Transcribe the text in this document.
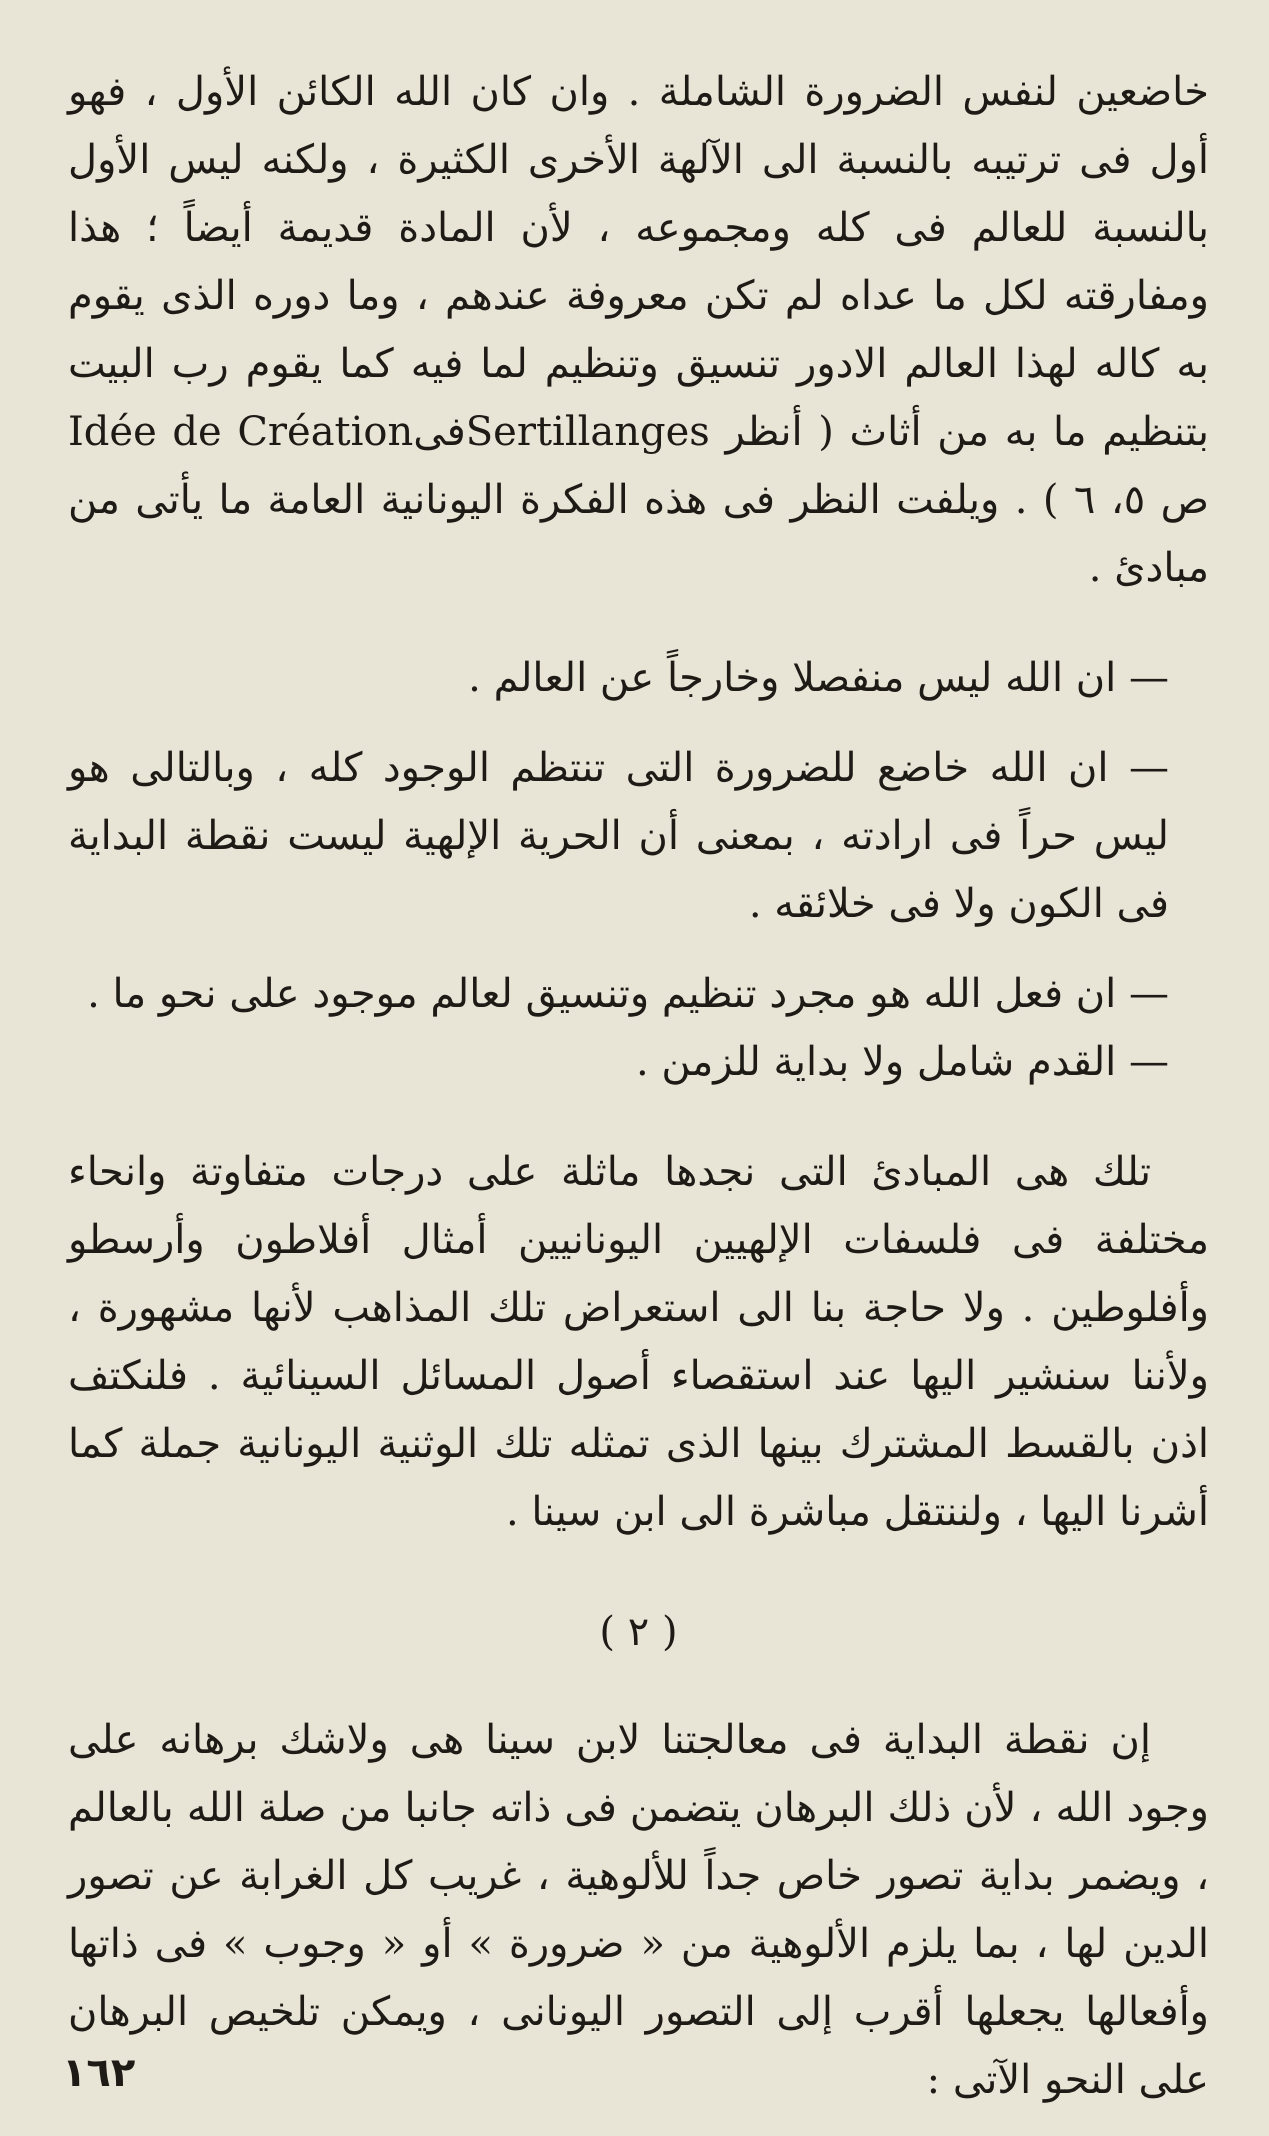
خاضعين لنفس الضرورة الشاملة . وان كان الله الكائن الأول ، فهو أول فى ترتيبه بالنسبة الى الآلهة الأخرى الكثيرة ، ولكنه ليس الأول بالنسبة للعالم فى كله ومجموعه ، لأن المادة قديمة أيضاً ؛ هذا ومفارقته لكل ما عداه لم تكن معروفة عندهم ، وما دوره الذى يقوم به كاله لهذا العالم الادور تنسيق وتنظيم لما فيه كما يقوم رب البيت بتنظيم ما به من أثاث ( أنظر SertillangesفىIdée de Création ص ٥، ٦ ) . ويلفت النظر فى هذه الفكرة اليونانية العامة ما يأتى من مبادئ .

— ان الله ليس منفصلا وخارجاً عن العالم .

— ان الله خاضع للضرورة التى تنتظم الوجود كله ، وبالتالى هو ليس حراً فى ارادته ، بمعنى أن الحرية الإلهية ليست نقطة البداية فى الكون ولا فى خلائقه .

— ان فعل الله هو مجرد تنظيم وتنسيق لعالم موجود على نحو ما .

— القدم شامل ولا بداية للزمن .

تلك هى المبادئ التى نجدها ماثلة على درجات متفاوتة وانحاء مختلفة فى فلسفات الإلهيين اليونانيين أمثال أفلاطون وأرسطو وأفلوطين . ولا حاجة بنا الى استعراض تلك المذاهب لأنها مشهورة ، ولأننا سنشير اليها عند استقصاء أصول المسائل السينائية . فلنكتف اذن بالقسط المشترك بينها الذى تمثله تلك الوثنية اليونانية جملة كما أشرنا اليها ، ولننتقل مباشرة الى ابن سينا .

( ٢ )

إن نقطة البداية فى معالجتنا لابن سينا هى ولاشك برهانه على وجود الله ، لأن ذلك البرهان يتضمن فى ذاته جانبا من صلة الله بالعالم ، ويضمر بداية تصور خاص جداً للألوهية ، غريب كل الغرابة عن تصور الدين لها ، بما يلزم الألوهية من « ضرورة » أو « وجوب » فى ذاتها وأفعالها يجعلها أقرب إلى التصور اليونانى ، ويمكن تلخيص البرهان على النحو الآتى :

١٦٢
